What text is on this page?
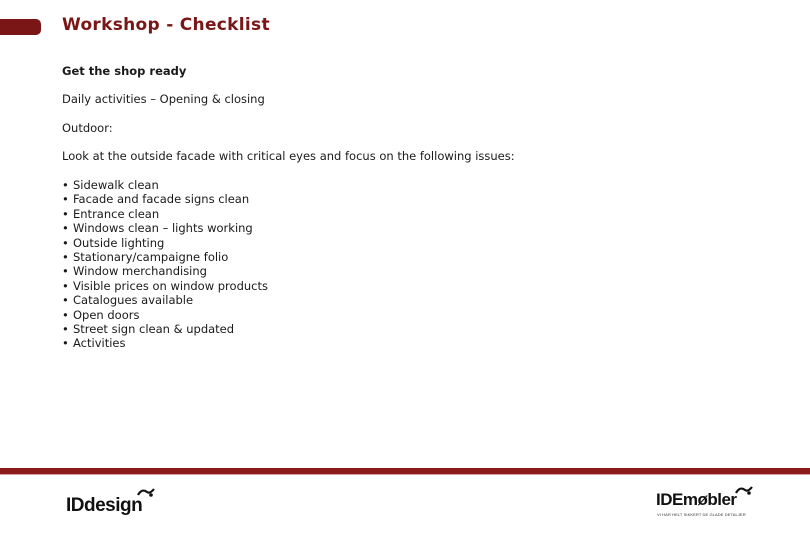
Workshop - Checklist

Get the shop ready

Daily activities – Opening & closing

Outdoor:

Look at the outside facade with critical eyes and focus on the following issues:

• Sidewalk clean
• Facade and facade signs clean
• Entrance clean
• Windows clean – lights working
• Outside lighting
• Stationary/campaigne folio
• Window merchandising
• Visible prices on window products
• Catalogues available
• Open doors
• Street sign clean & updated
• Activities
IDdesign	IDEmøbler
VI HAR HELT SIKKERT DE GLADE DETALJER
